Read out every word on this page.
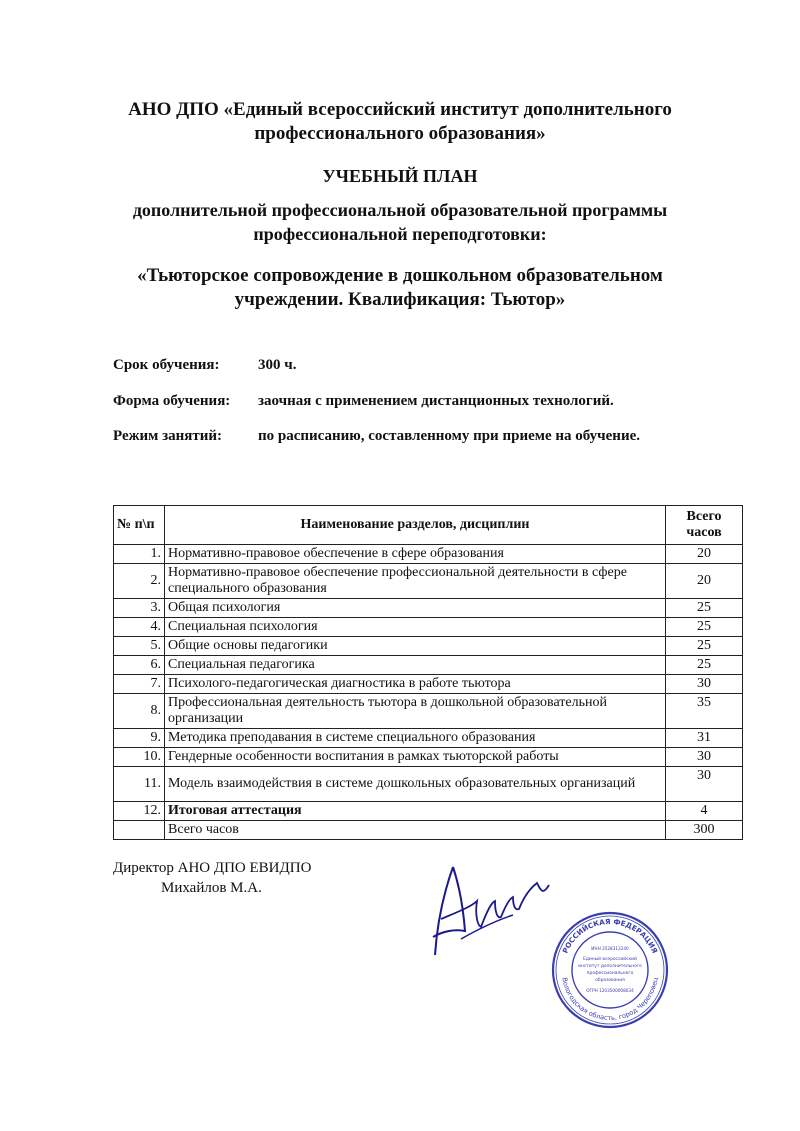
АНО ДПО «Единый всероссийский институт дополнительного
профессионального образования»
УЧЕБНЫЙ ПЛАН
дополнительной профессиональной образовательной программы
профессиональной переподготовки:
«Тьюторское сопровождение в дошкольном образовательном
учреждении. Квалификация: Тьютор»
Срок обучения:	300 ч.
Форма обучения: заочная с применением дистанционных технологий.
Режим занятий: по расписанию, составленному при приеме на обучение.
№ п\п	Наименование разделов, дисциплин	Всего
часов

1.	Нормативно-правовое обеспечение в сфере образования	20
2.	Нормативно-правовое обеспечение профессиональной деятельности в сфере специального образования	20
3.	Общая психология	25
4.	Специальная психология	25
5.	Общие основы педагогики	25
6.	Специальная педагогика	25
7.	Психолого-педагогическая диагностика в работе тьютора	30
8.	Профессиональная деятельность тьютора в дошкольной образовательной организации	35
9.	Методика преподавания в системе специального образования	31
10.	Гендерные особенности воспитания в рамках тьюторской работы	30
11.	Модель взаимодействия в системе дошкольных образовательных организаций	30
12.	Итоговая аттестация	4
	Всего часов	300
Директор АНО ДПО ЕВИДПО
Михайлов М.А.
РОССИЙСКАЯ ФЕДЕРАЦИЯ
Вологодская область, город Череповец
ИНН 3528313240
Единый всероссийский
институт дополнительного
профессионального
образования
ОГРН 1203500008034
